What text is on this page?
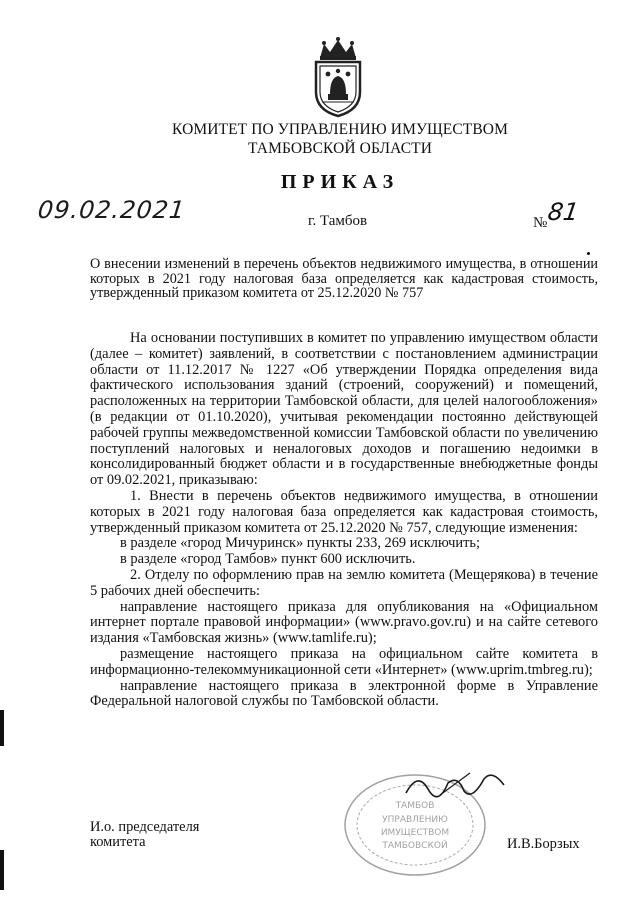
КОМИТЕТ ПО УПРАВЛЕНИЮ ИМУЩЕСТВОМ
ТАМБОВСКОЙ ОБЛАСТИ
ПРИКАЗ
09.02.2021	г. Тамбов	№
81
О внесении изменений в перечень объектов недвижимого имущества, в отношении которых в 2021 году налоговая база определяется как кадастровая стоимость, утвержденный приказом комитета от 25.12.2020 № 757

На основании поступивших в комитет по управлению имуществом области (далее – комитет) заявлений, в соответствии с постановлением администрации области от 11.12.2017 № 1227 «Об утверждении Порядка определения вида фактического использования зданий (строений, сооружений) и помещений, расположенных на территории Тамбовской области, для целей налогообложения» (в редакции от 01.10.2020), учитывая рекомендации постоянно действующей рабочей группы межведомственной комиссии Тамбовской области по увеличению поступлений налоговых и неналоговых доходов и погашению недоимки в консолидированный бюджет области и в государственные внебюджетные фонды от 09.02.2021, приказываю:

1. Внести в перечень объектов недвижимого имущества, в отношении которых в 2021 году налоговая база определяется как кадастровая стоимость, утвержденный приказом комитета от 25.12.2020 № 757, следующие изменения:

в разделе «город Мичуринск» пункты 233, 269 исключить;

в разделе «город Тамбов» пункт 600 исключить.

2. Отделу по оформлению прав на землю комитета (Мещерякова) в течение 5 рабочих дней обеспечить:

направление настоящего приказа для опубликования на «Официальном интернет портале правовой информации» (www.pravo.gov.ru) и на сайте сетевого издания «Тамбовская жизнь» (www.tamlife.ru);

размещение настоящего приказа на официальном сайте комитета в информационно-телекоммуникационной сети «Интернет» (www.uprim.tmbreg.ru);

направление настоящего приказа в электронной форме в Управление Федеральной налоговой службы по Тамбовской области.

ТАМБОВ
УПРАВЛЕНИЮ
ИМУЩЕСТВОМ
ТАМБОВСКОЙ
И.о. председателя
комитета	И.В.Борзых
